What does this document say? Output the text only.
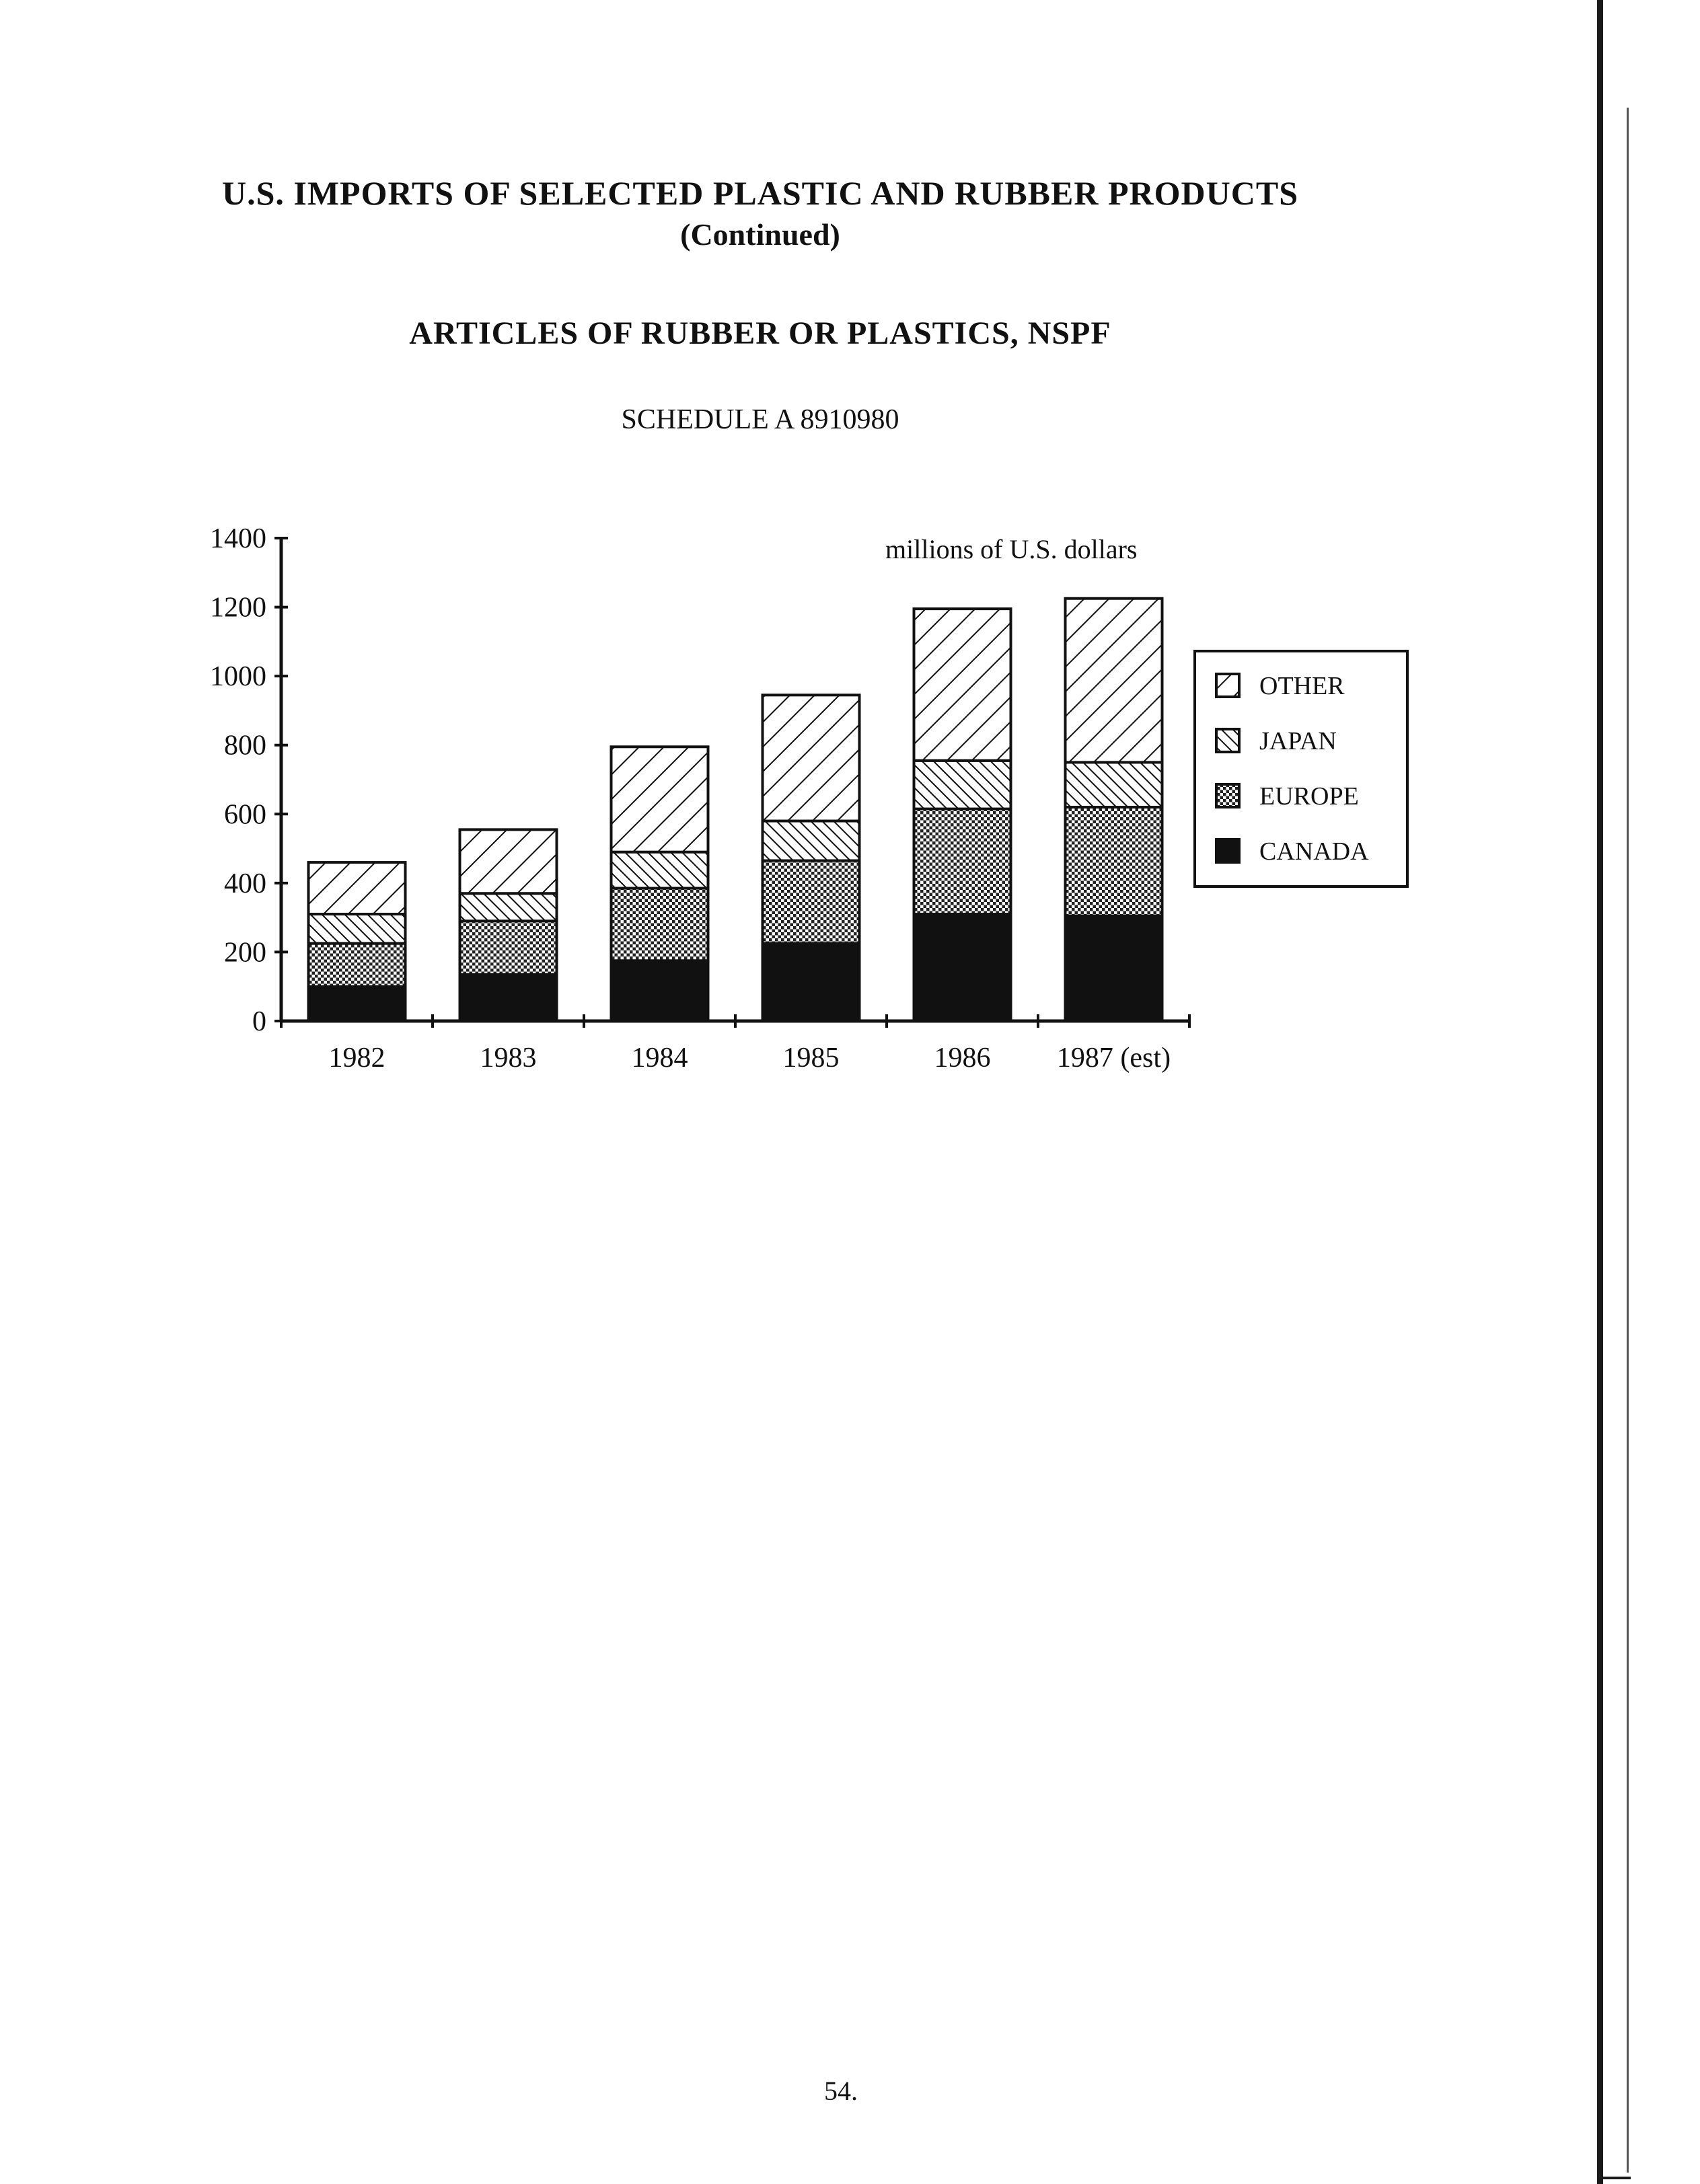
U.S. IMPORTS OF SELECTED PLASTIC AND RUBBER PRODUCTS
(Continued)
ARTICLES OF RUBBER OR PLASTICS, NSPF
SCHEDULE A 8910980
0
200
400
600
800
1000
1200
1400
1982	1983	1984	1985	1986 1987 (est)
millions of U.S. dollars
OTHER
JAPAN
EUROPE
CANADA
54.
